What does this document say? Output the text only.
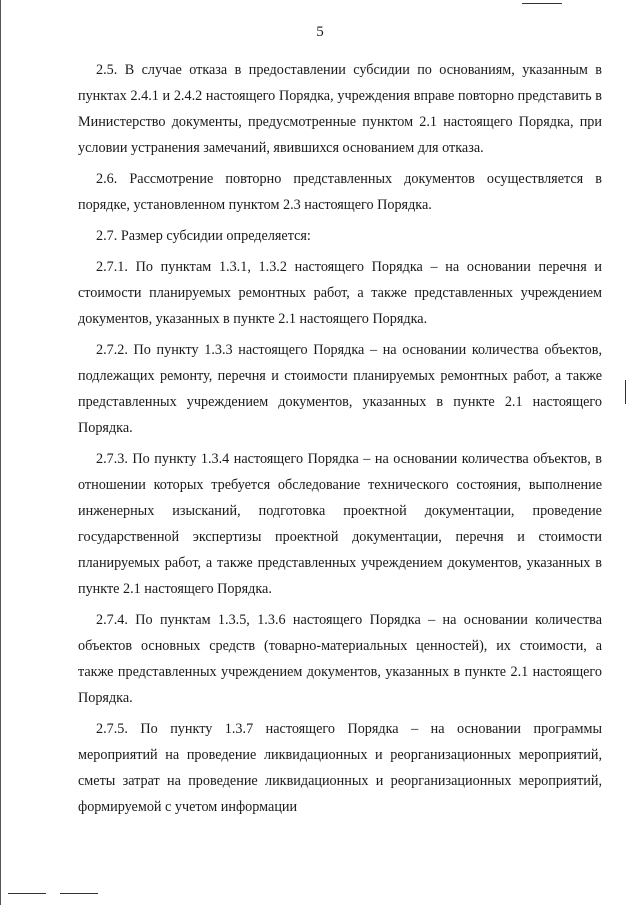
5

2.5. В случае отказа в предоставлении субсидии по основаниям, указанным в пунктах 2.4.1 и 2.4.2 настоящего Порядка, учреждения вправе повторно представить в Министерство документы, предусмотренные пунктом 2.1 настоящего Порядка, при условии устранения замечаний, явившихся основанием для отказа.

2.6. Рассмотрение повторно представленных документов осуществляется в порядке, установленном пунктом 2.3 настоящего Порядка.

2.7. Размер субсидии определяется:

2.7.1. По пунктам 1.3.1, 1.3.2 настоящего Порядка – на основании перечня и стоимости планируемых ремонтных работ, а также представленных учреждением документов, указанных в пункте 2.1 настоящего Порядка.

2.7.2. По пункту 1.3.3 настоящего Порядка – на основании количества объектов, подлежащих ремонту, перечня и стоимости планируемых ремонтных работ, а также представленных учреждением документов, указанных в пункте 2.1 настоящего Порядка.

2.7.3. По пункту 1.3.4 настоящего Порядка – на основании количества объектов, в отношении которых требуется обследование технического состояния, выполнение инженерных изысканий, подготовка проектной документации, проведение государственной экспертизы проектной документации, перечня и стоимости планируемых работ, а также представленных учреждением документов, указанных в пункте 2.1 настоящего Порядка.

2.7.4. По пунктам 1.3.5, 1.3.6 настоящего Порядка – на основании количества объектов основных средств (товарно-материальных ценностей), их стоимости, а также представленных учреждением документов, указанных в пункте 2.1 настоящего Порядка.

2.7.5. По пункту 1.3.7 настоящего Порядка – на основании программы мероприятий на проведение ликвидационных и реорганизационных мероприятий, сметы затрат на проведение ликвидационных и реорганизационных мероприятий, формируемой с учетом информации
